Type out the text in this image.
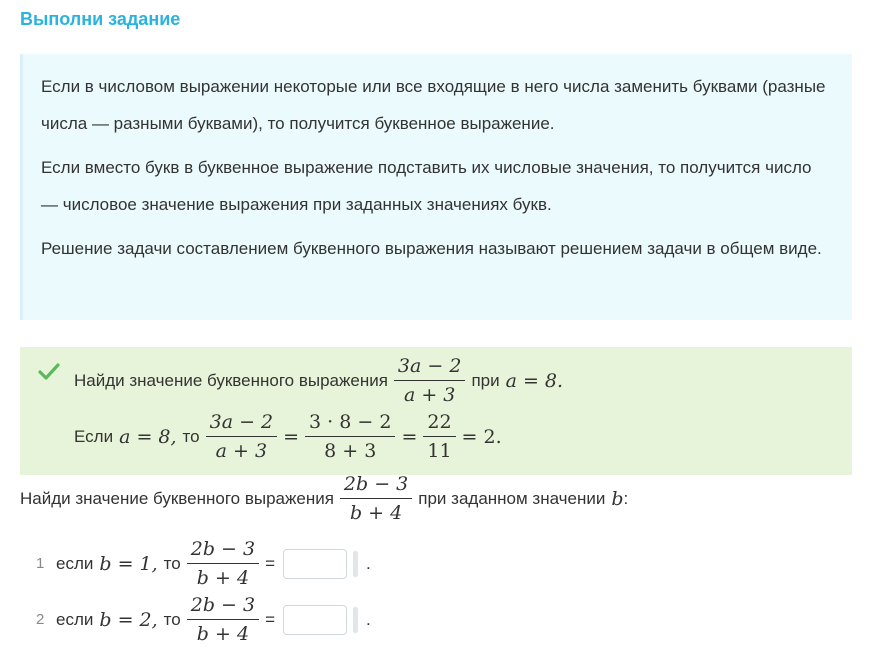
Выполни задание

Если в числовом выражении некоторые или все входящие в него числа заменить буквами (разные числа — разными буквами), то получится буквенное выражение.

Если вместо букв в буквенное выражение подставить их числовые значения, то получится число — числовое значение выражения при заданных значениях букв.

Решение задачи составлением буквенного выражения называют решением задачи в общем виде.

Найди значение буквенного выражения $\frac{3a - 2}{a + 3}$ при a = 8.
Если a = 8, то $\frac{3a - 2}{a + 3} = \frac{3 \cdot 8 - 2}{8 + 3} = \frac{22}{11} = 2$.
Найди значение буквенного выражения $\frac{2b - 3}{b + 4}$ при заданном значении b :
1 если b = 1, то $\frac{2b - 3}{b + 4}$ =	.
2 если b = 2, то $\frac{2b - 3}{b + 4}$ =	.
